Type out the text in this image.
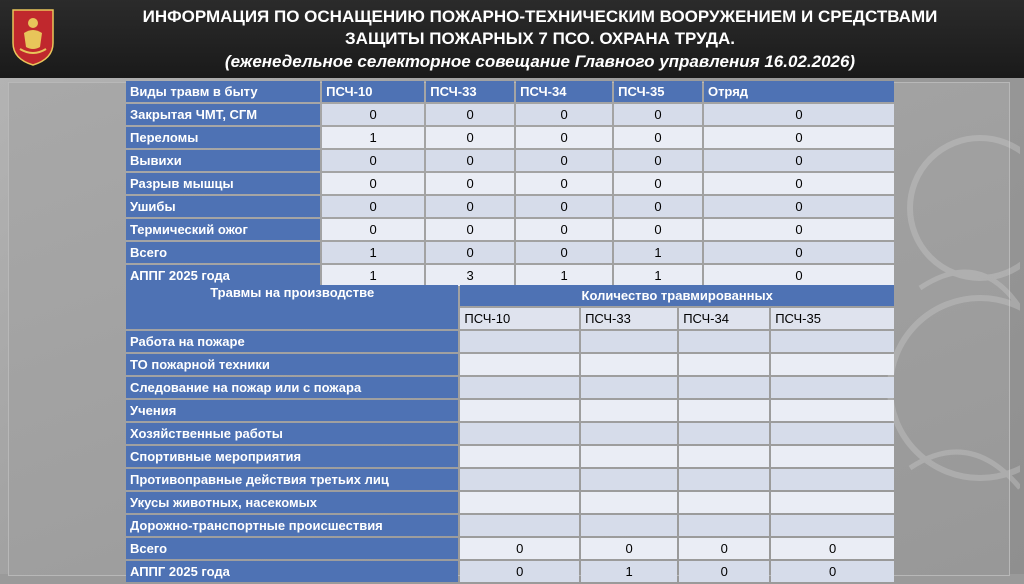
ИНФОРМАЦИЯ ПО ОСНАЩЕНИЮ ПОЖАРНО-ТЕХНИЧЕСКИМ ВООРУЖЕНИЕМ И СРЕДСТВАМИ
ЗАЩИТЫ ПОЖАРНЫХ 7 ПСО. ОХРАНА ТРУДА.
(еженедельное селекторное совещание Главного управления 16.02.2026)
Виды травм в быту	ПСЧ-10	ПСЧ-33	ПСЧ-34	ПСЧ-35	Отряд
Закрытая ЧМТ, СГМ	0	0	0	0	0
Переломы	1	0	0	0	0
Вывихи	0	0	0	0	0
Разрыв мышцы	0	0	0	0	0
Ушибы	0	0	0	0	0
Термический ожог	0	0	0	0	0
Всего	1	0	0	1	0
АППГ 2025 года	1	3	1	1	0
Травмы на производстве	Количество травмированных			
	ПСЧ-10	ПСЧ-33	ПСЧ-34	ПСЧ-35
Работа на пожаре				
ТО пожарной техники				
Следование на пожар или с пожара				
Учения				
Хозяйственные работы				
Спортивные мероприятия				
Противоправные действия третьих лиц				
Укусы животных, насекомых				
Дорожно-транспортные происшествия				
Всего	0	0	0	0
АППГ 2025 года	0	1	0	0
